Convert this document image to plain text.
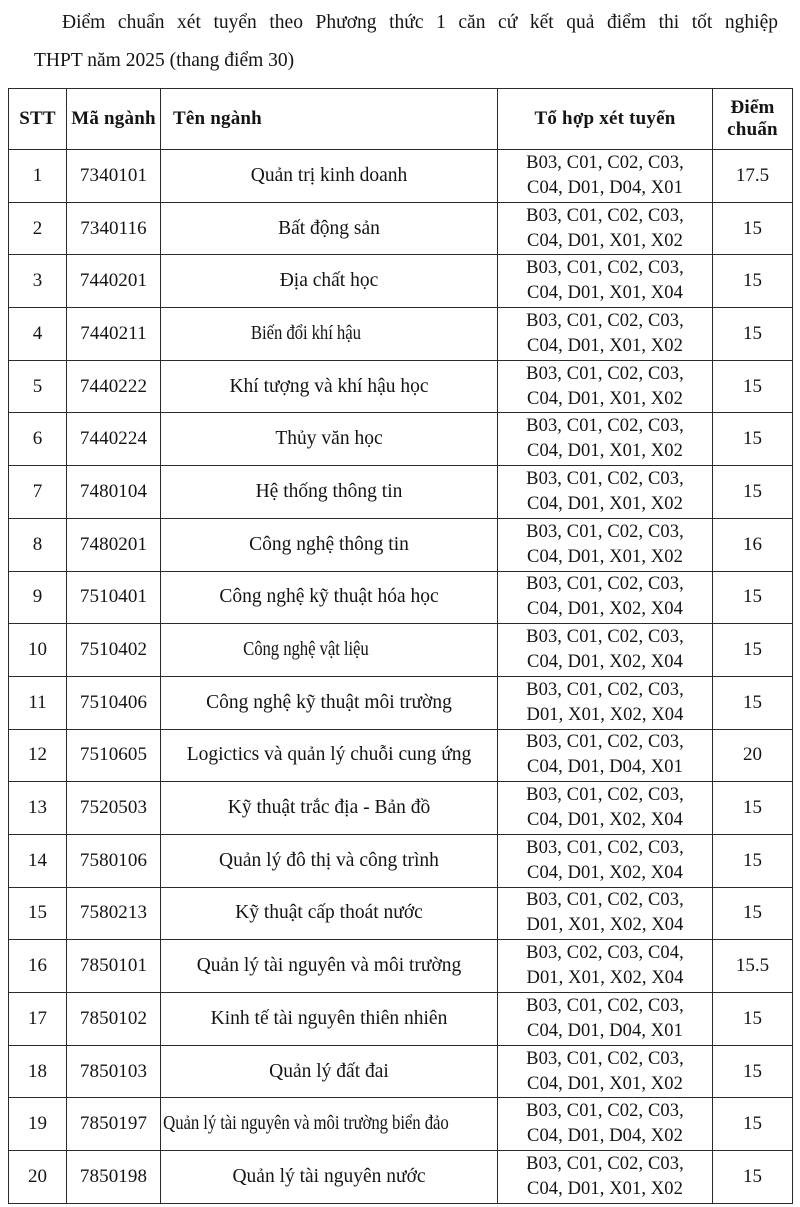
Điểm chuẩn xét tuyển theo Phương thức 1 căn cứ kết quả điểm thi tốt nghiệp
THPT năm 2025 (thang điểm 30)
STT	Mã ngành	Tên ngành	Tổ hợp xét tuyển	Điểm chuẩn
1	7340101	Quản trị kinh doanh	B03, C01, C02, C03,
C04, D01, D04, X01	17.5
2	7340116	Bất động sản	B03, C01, C02, C03,
C04, D01, X01, X02	15
3	7440201	Địa chất học	B03, C01, C02, C03,
C04, D01, X01, X04	15
4	7440211	Biến đổi khí hậu	B03, C01, C02, C03,
C04, D01, X01, X02	15
5	7440222	Khí tượng và khí hậu học	B03, C01, C02, C03,
C04, D01, X01, X02	15
6	7440224	Thủy văn học	B03, C01, C02, C03,
C04, D01, X01, X02	15
7	7480104	Hệ thống thông tin	B03, C01, C02, C03,
C04, D01, X01, X02	15
8	7480201	Công nghệ thông tin	B03, C01, C02, C03,
C04, D01, X01, X02	16
9	7510401	Công nghệ kỹ thuật hóa học	B03, C01, C02, C03,
C04, D01, X02, X04	15
10	7510402	Công nghệ vật liệu	B03, C01, C02, C03,
C04, D01, X02, X04	15
11	7510406	Công nghệ kỹ thuật môi trường	B03, C01, C02, C03,
D01, X01, X02, X04	15
12	7510605	Logictics và quản lý chuỗi cung ứng	B03, C01, C02, C03,
C04, D01, D04, X01	20
13	7520503	Kỹ thuật trắc địa - Bản đồ	B03, C01, C02, C03,
C04, D01, X02, X04	15
14	7580106	Quản lý đô thị và công trình	B03, C01, C02, C03,
C04, D01, X02, X04	15
15	7580213	Kỹ thuật cấp thoát nước	B03, C01, C02, C03,
D01, X01, X02, X04	15
16	7850101	Quản lý tài nguyên và môi trường	B03, C02, C03, C04,
D01, X01, X02, X04	15.5
17	7850102	Kinh tế tài nguyên thiên nhiên	B03, C01, C02, C03,
C04, D01, D04, X01	15
18	7850103	Quản lý đất đai	B03, C01, C02, C03,
C04, D01, X01, X02	15
19	7850197	Quản lý tài nguyên và môi trường biển đảo	B03, C01, C02, C03,
C04, D01, D04, X02	15
20	7850198	Quản lý tài nguyên nước	B03, C01, C02, C03,
C04, D01, X01, X02	15
